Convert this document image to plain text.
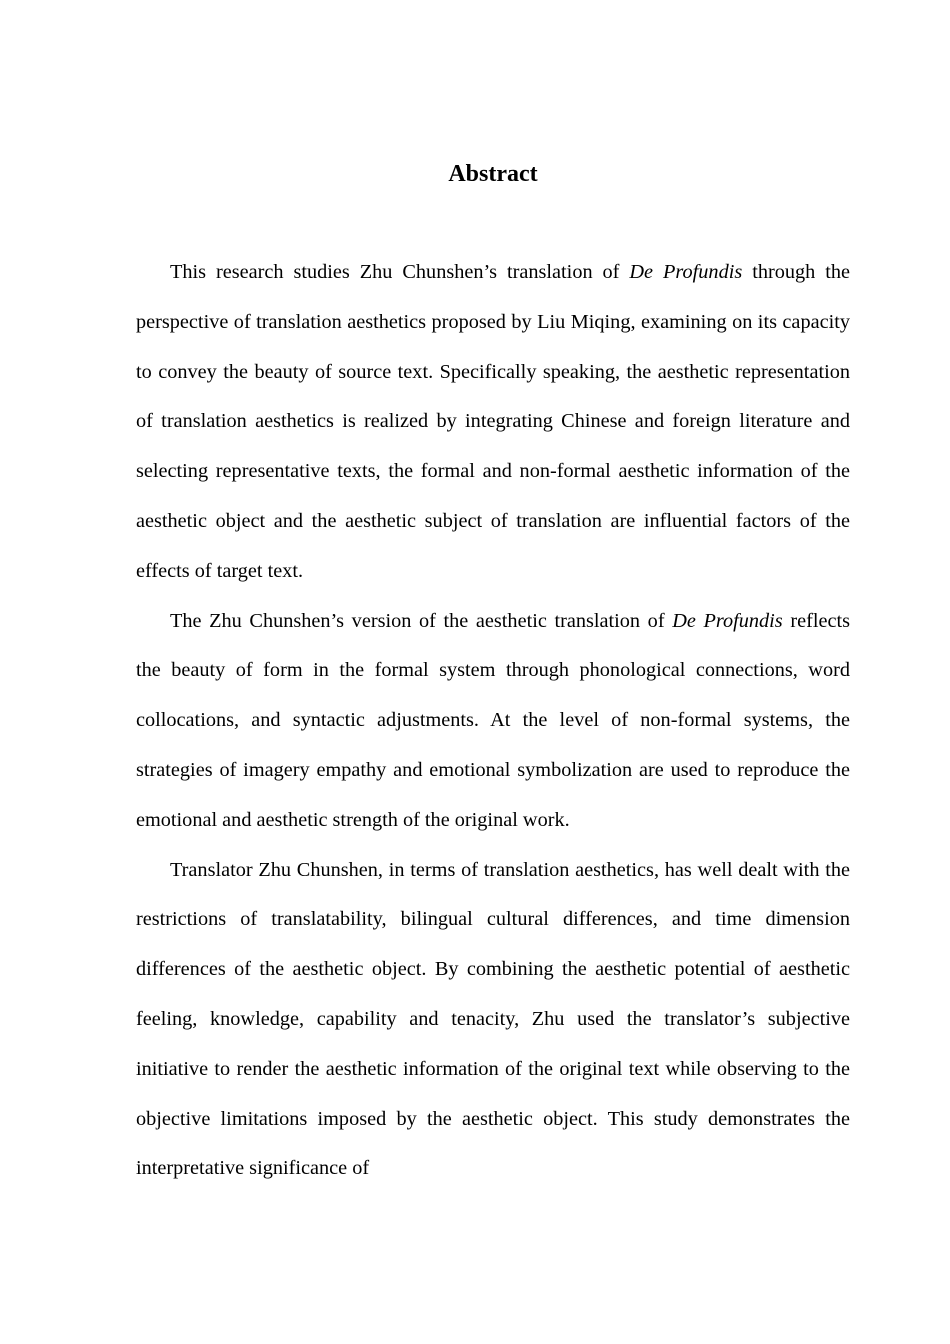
Abstract

This research studies Zhu Chunshen’s translation of De Profundis through the perspective of translation aesthetics proposed by Liu Miqing, examining on its capacity to convey the beauty of source text. Specifically speaking, the aesthetic representation of translation aesthetics is realized by integrating Chinese and foreign literature and selecting representative texts, the formal and non-formal aesthetic information of the aesthetic object and the aesthetic subject of translation are influential factors of the effects of target text.

The Zhu Chunshen’s version of the aesthetic translation of De Profundis reflects the beauty of form in the formal system through phonological connections, word collocations, and syntactic adjustments. At the level of non-formal systems, the strategies of imagery empathy and emotional symbolization are used to reproduce the emotional and aesthetic strength of the original work.

Translator Zhu Chunshen, in terms of translation aesthetics, has well dealt with the restrictions of translatability, bilingual cultural differences, and time dimension differences of the aesthetic object. By combining the aesthetic potential of aesthetic feeling, knowledge, capability and tenacity, Zhu used the translator’s subjective initiative to render the aesthetic information of the original text while observing to the objective limitations imposed by the aesthetic object. This study demonstrates the interpretative significance of
